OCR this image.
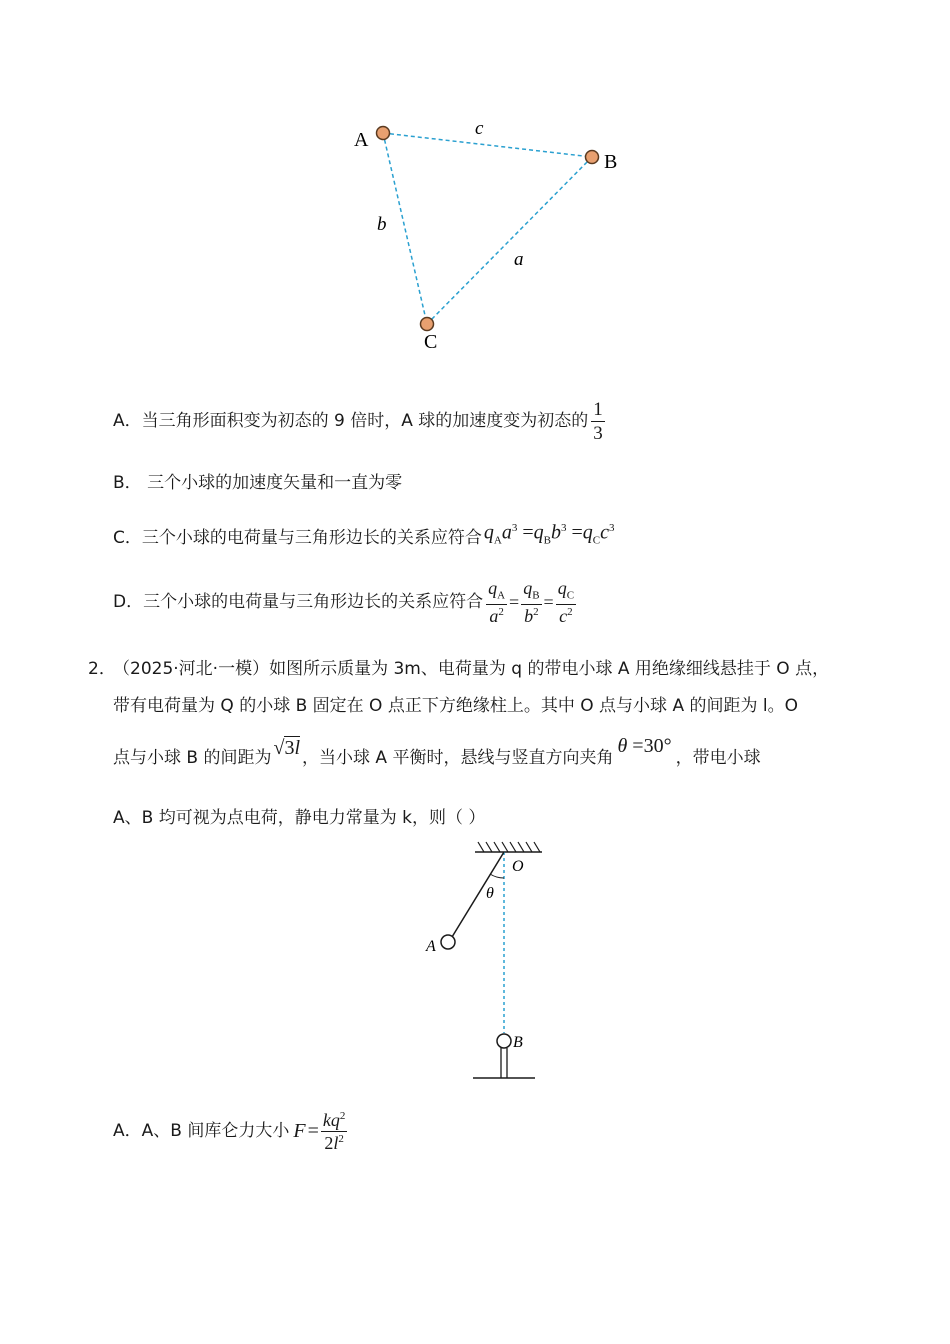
A
B
C
c
b
a
A． 当三角形面积变为初态的 9 倍时，A 球的加速度变为初态的 $\frac{1}{3}$
B． 三个小球的加速度矢量和一直为零
C． 三个小球的电荷量与三角形边长的关系应符合 $q_Aa^3 =q_Bb^3 =q_Cc^3$
D． 三个小球的电荷量与三角形边长的关系应符合 $\frac{q_A}{a^2} = \frac{q_B}{b^2} = \frac{q_C}{c^2}$
2．
（2025·河北·一模）如图所示质量为 3m、电荷量为 q 的带电小球 A 用绝缘细线悬挂于 O 点，
带有电荷量为 Q 的小球 B 固定在 O 点正下方绝缘柱上。其中 O 点与小球 A 的间距为 l。O
点与小球 B 的间距为 √3l ，当小球 A 平衡时，悬线与竖直方向夹角
θ =30°
，带电小球
A、B 均可视为点电荷，静电力常量为 k，则（ ）
O
θ
A
B
A． A、B 间库仑力大小 $F = \frac{kq^2}{2l^2}$
